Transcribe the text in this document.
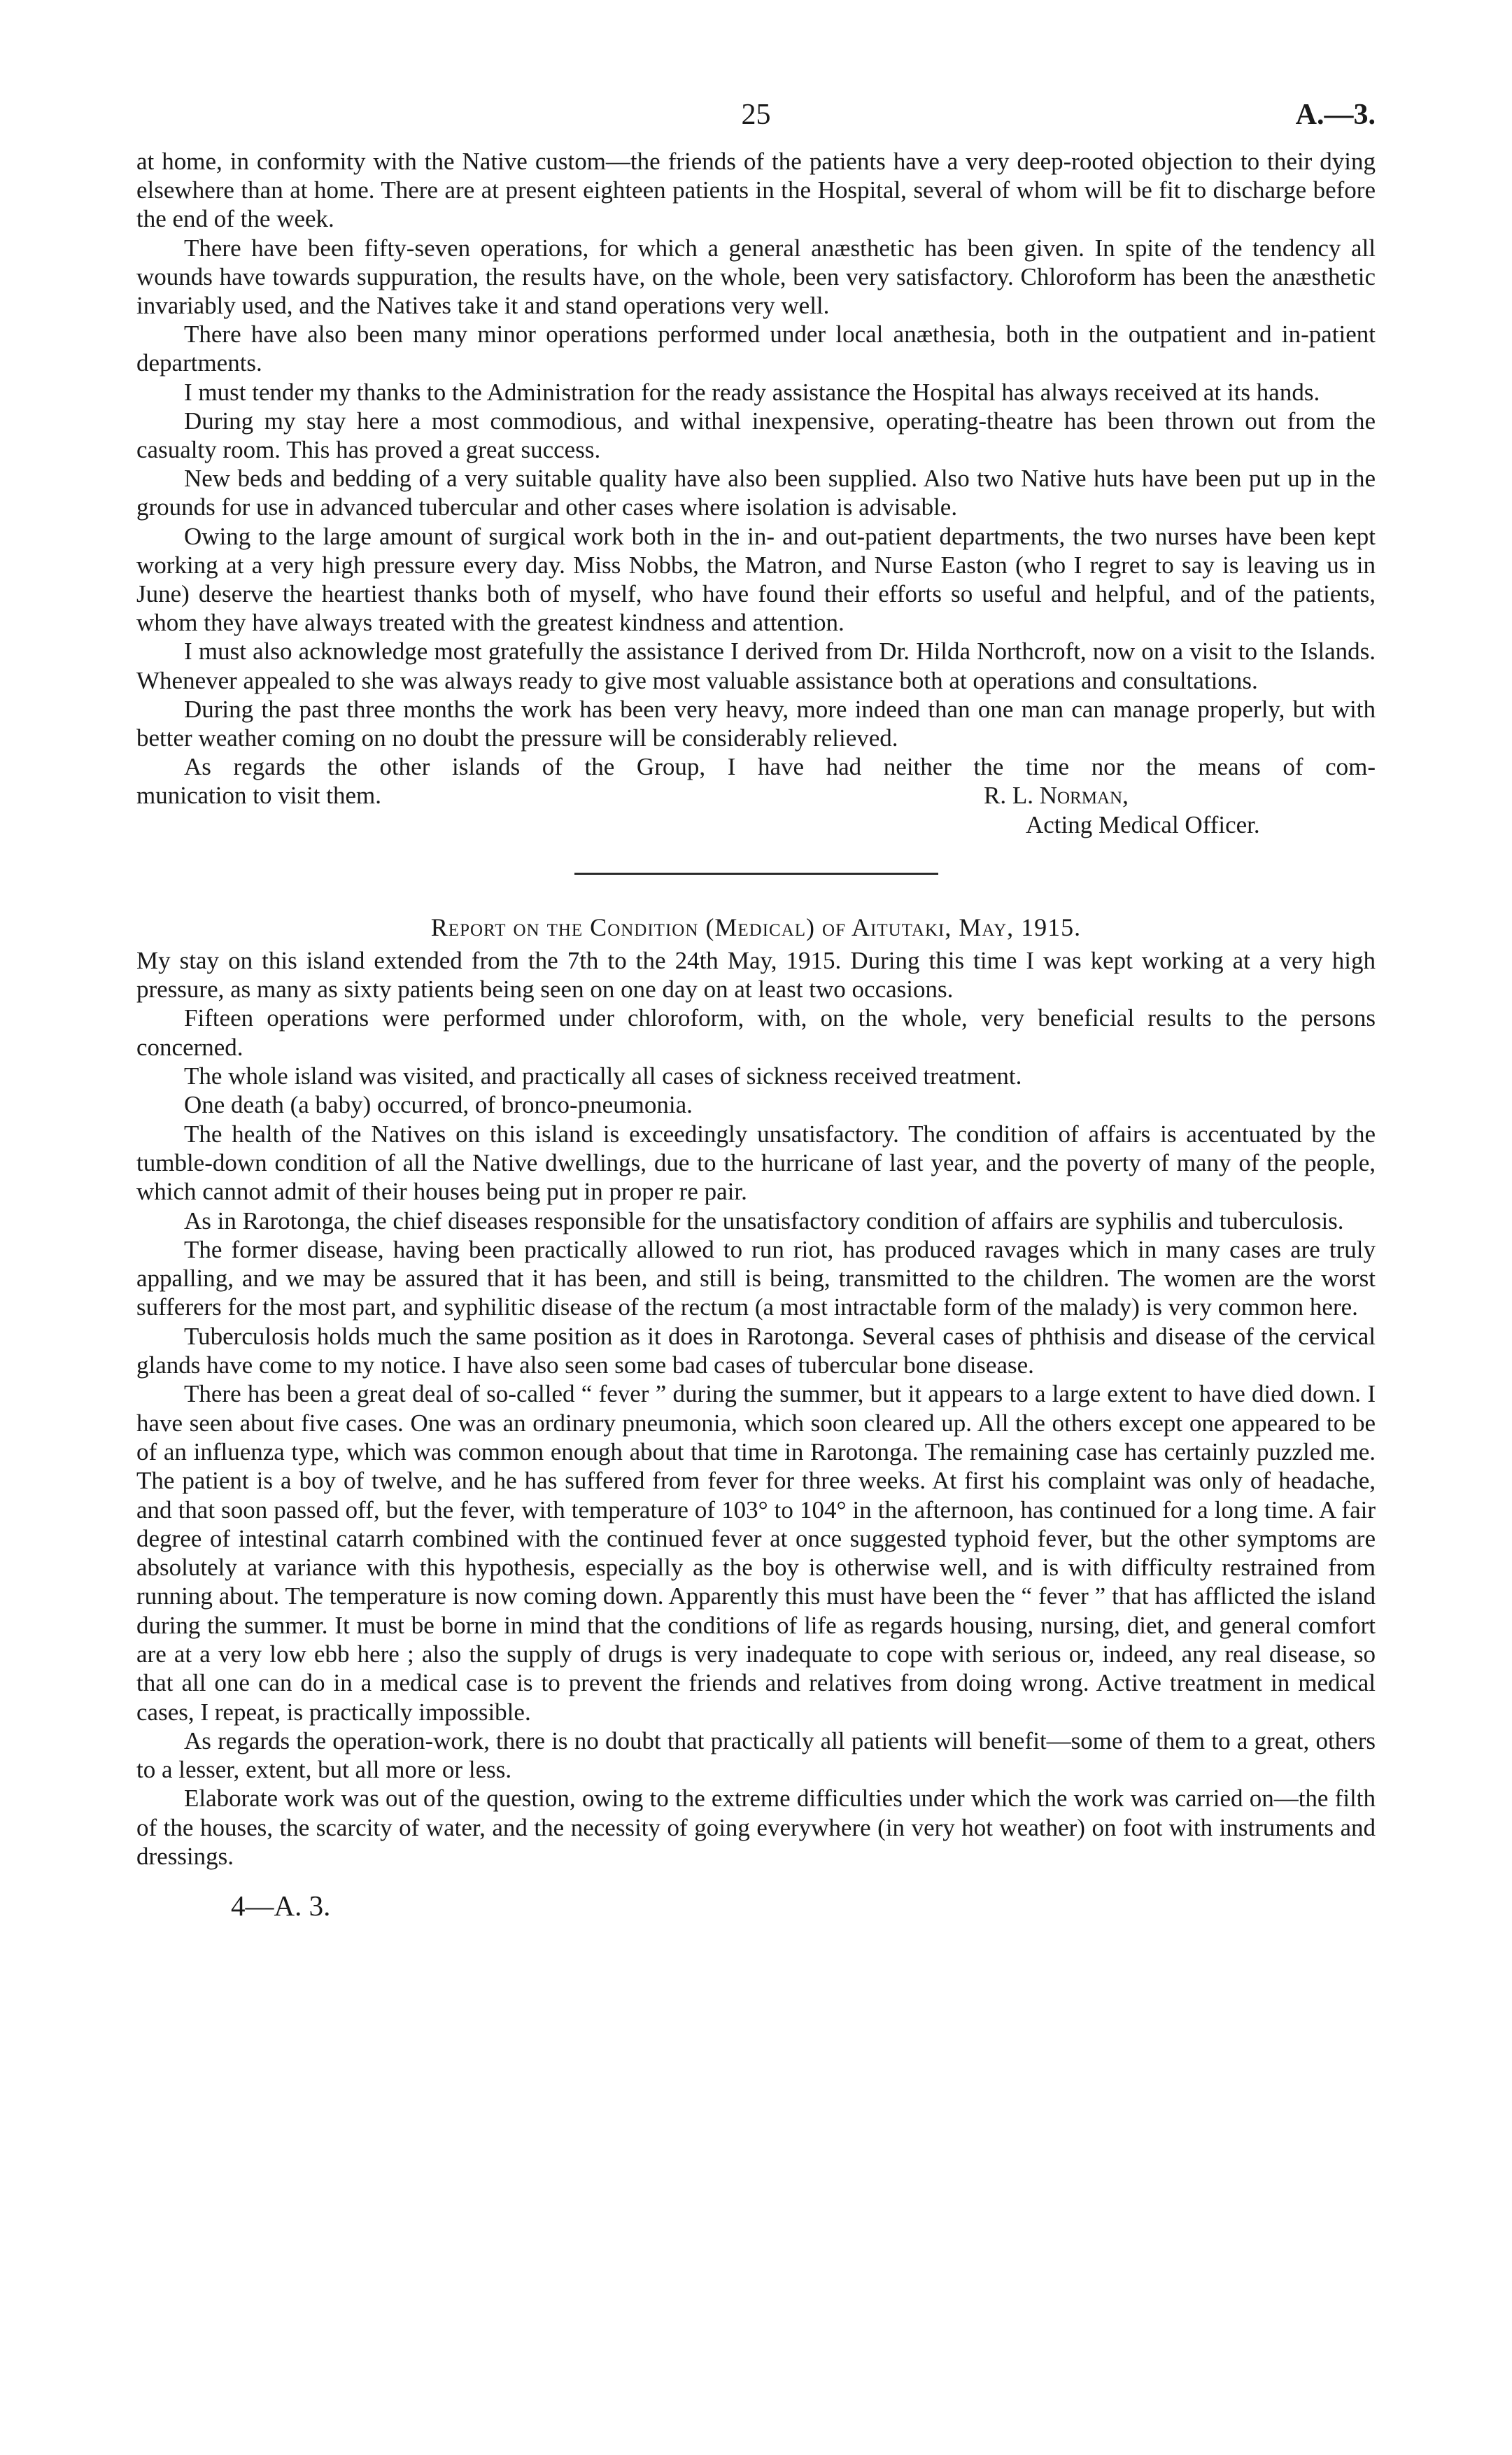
25	A.—3.

at home, in conformity with the Native custom—the friends of the patients have a very deep-rooted objection to their dying elsewhere than at home. There are at present eighteen patients in the Hospital, several of whom will be fit to discharge before the end of the week.

There have been fifty-seven operations, for which a general anæsthetic has been given. In spite of the tendency all wounds have towards suppuration, the results have, on the whole, been very satisfactory. Chloroform has been the anæsthetic invariably used, and the Natives take it and stand operations very well.

There have also been many minor operations performed under local anæthesia, both in the outpatient and in-patient departments.

I must tender my thanks to the Administration for the ready assistance the Hospital has always received at its hands.

During my stay here a most commodious, and withal inexpensive, operating-theatre has been thrown out from the casualty room. This has proved a great success.

New beds and bedding of a very suitable quality have also been supplied. Also two Native huts have been put up in the grounds for use in advanced tubercular and other cases where isolation is advisable.

Owing to the large amount of surgical work both in the in- and out-patient departments, the two nurses have been kept working at a very high pressure every day. Miss Nobbs, the Matron, and Nurse Easton (who I regret to say is leaving us in June) deserve the heartiest thanks both of myself, who have found their efforts so useful and helpful, and of the patients, whom they have always treated with the greatest kindness and attention.

I must also acknowledge most gratefully the assistance I derived from Dr. Hilda Northcroft, now on a visit to the Islands. Whenever appealed to she was always ready to give most valuable assistance both at operations and consultations.

During the past three months the work has been very heavy, more indeed than one man can manage properly, but with better weather coming on no doubt the pressure will be considerably relieved.

As regards the other islands of the Group, I have had neither the time nor the means of com-

munication to visit them.	R. L. Norman,
Acting Medical Officer.
Report on the Condition (Medical) of Aitutaki, May, 1915.

My stay on this island extended from the 7th to the 24th May, 1915. During this time I was kept working at a very high pressure, as many as sixty patients being seen on one day on at least two occasions.

Fifteen operations were performed under chloroform, with, on the whole, very beneficial results to the persons concerned.

The whole island was visited, and practically all cases of sickness received treatment.

One death (a baby) occurred, of bronco-pneumonia.

The health of the Natives on this island is exceedingly unsatisfactory. The condition of affairs is accentuated by the tumble-down condition of all the Native dwellings, due to the hurricane of last year, and the poverty of many of the people, which cannot admit of their houses being put in proper re pair.

As in Rarotonga, the chief diseases responsible for the unsatisfactory condition of affairs are syphilis and tuberculosis.

The former disease, having been practically allowed to run riot, has produced ravages which in many cases are truly appalling, and we may be assured that it has been, and still is being, transmitted to the children. The women are the worst sufferers for the most part, and syphilitic disease of the rectum (a most intractable form of the malady) is very common here.

Tuberculosis holds much the same position as it does in Rarotonga. Several cases of phthisis and disease of the cervical glands have come to my notice. I have also seen some bad cases of tubercular bone disease.

There has been a great deal of so-called “ fever ” during the summer, but it appears to a large extent to have died down. I have seen about five cases. One was an ordinary pneumonia, which soon cleared up. All the others except one appeared to be of an influenza type, which was common enough about that time in Rarotonga. The remaining case has certainly puzzled me. The patient is a boy of twelve, and he has suffered from fever for three weeks. At first his complaint was only of headache, and that soon passed off, but the fever, with temperature of 103° to 104° in the afternoon, has continued for a long time. A fair degree of intestinal catarrh combined with the continued fever at once suggested typhoid fever, but the other symptoms are absolutely at variance with this hypothesis, especially as the boy is otherwise well, and is with difficulty restrained from running about. The temperature is now coming down. Apparently this must have been the “ fever ” that has afflicted the island during the summer. It must be borne in mind that the conditions of life as regards housing, nursing, diet, and general comfort are at a very low ebb here ; also the supply of drugs is very inadequate to cope with serious or, indeed, any real disease, so that all one can do in a medical case is to prevent the friends and relatives from doing wrong. Active treatment in medical cases, I repeat, is practically impossible.

As regards the operation-work, there is no doubt that practically all patients will benefit—some of them to a great, others to a lesser, extent, but all more or less.

Elaborate work was out of the question, owing to the extreme difficulties under which the work was carried on—the filth of the houses, the scarcity of water, and the necessity of going everywhere (in very hot weather) on foot with instruments and dressings.

4—A. 3.
